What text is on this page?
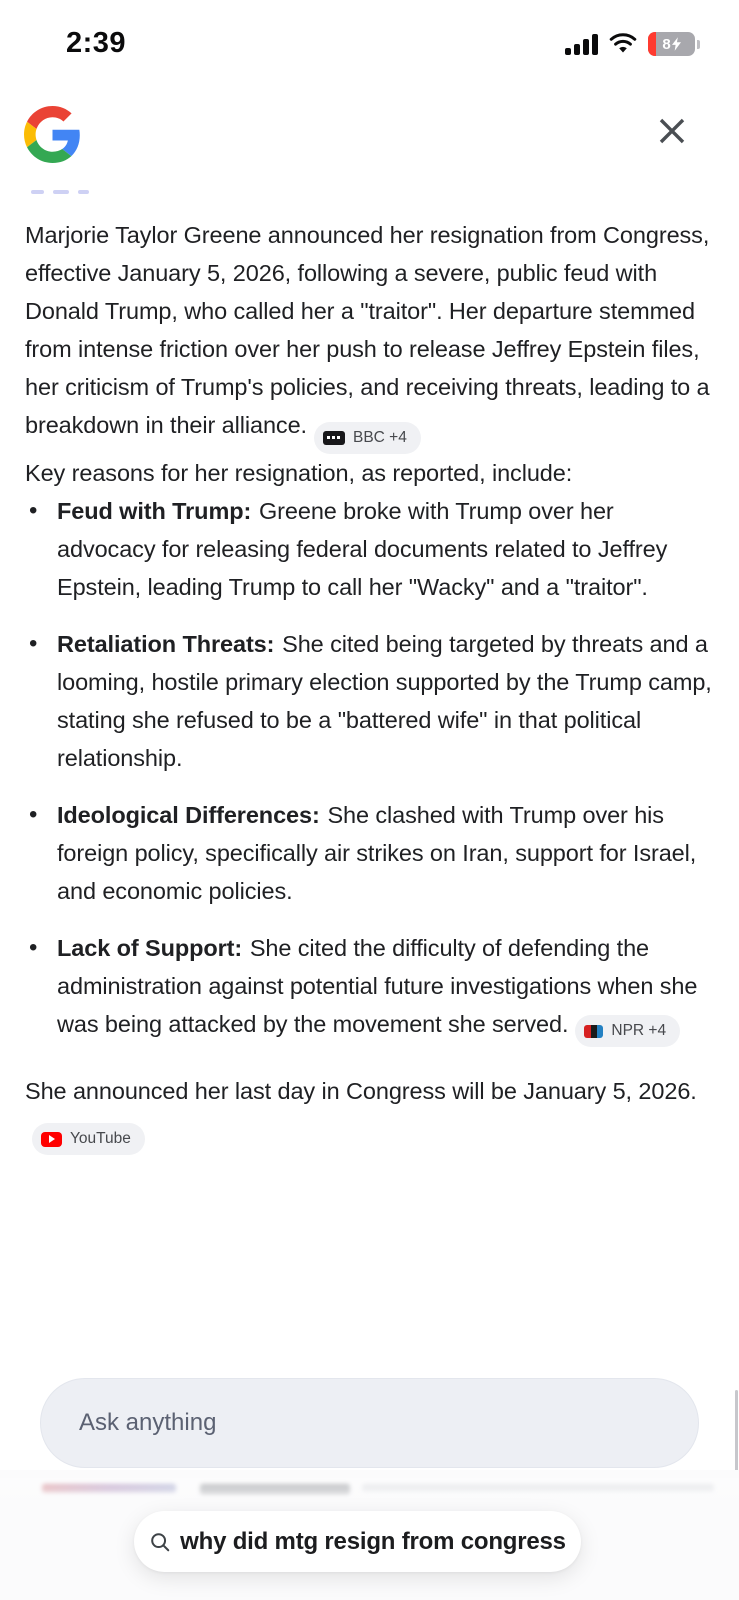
2:39	8

Marjorie Taylor Greene announced her resignation from Congress, effective January 5, 2026, following a severe, public feud with Donald Trump, who called her a "traitor". Her departure stemmed from intense friction over her push to release Jeffrey Epstein files, her criticism of Trump's policies, and receiving threats, leading to a breakdown in their alliance.	BBC +4

Key reasons for her resignation, as reported, include:

• Feud with Trump: Greene broke with Trump over her advocacy for releasing federal documents related to Jeffrey Epstein, leading Trump to call her "Wacky" and a "traitor".
• Retaliation Threats: She cited being targeted by threats and a looming, hostile primary election supported by the Trump camp, stating she refused to be a "battered wife" in that political relationship.
• Ideological Differences: She clashed with Trump over his foreign policy, specifically air strikes on Iran, support for Israel, and economic policies.
• Lack of Support: She cited the difficulty of defending the administration against potential future investigations when she was being attacked by the movement she served.	NPR +4

She announced her last day in Congress will be January 5, 2026.
YouTube

Ask anything
why did mtg resign from congress
